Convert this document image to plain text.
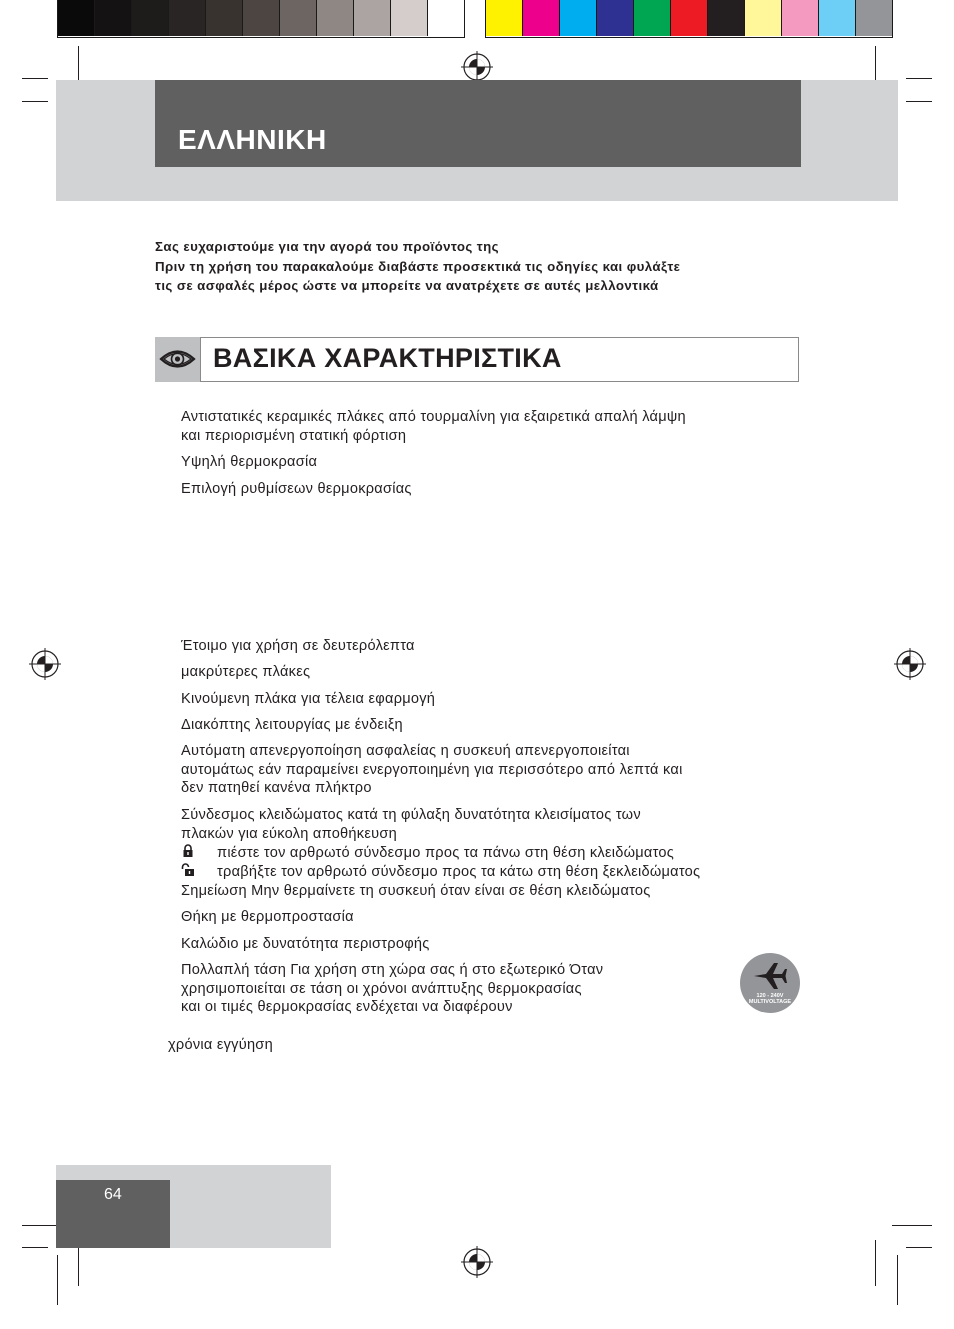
ΕΛΛΗΝΙΚΗ
Σας ευχαριστούμε για την αγορά του προϊόντος της
Πριν τη χρήση του παρακαλούμε διαβάστε προσεκτικά τις οδηγίες και φυλάξτε
τις σε ασφαλές μέρος ώστε να μπορείτε να ανατρέχετε σε αυτές μελλοντικά
ΒΑΣΙΚΑ ΧΑΡΑΚΤΗΡΙΣΤΙΚΑ
Αντιστατικές κεραμικές πλάκες από τουρμαλίνη για εξαιρετικά απαλή λάμψη
και περιορισμένη στατική φόρτιση
Υψηλή θερμοκρασία
Επιλογή ρυθμίσεων θερμοκρασίας
Έτοιμο για χρήση σε δευτερόλεπτα
μακρύτερες πλάκες
Κινούμενη πλάκα για τέλεια εφαρμογή
Διακόπτης λειτουργίας με ένδειξη
Αυτόματη απενεργοποίηση ασφαλείας η συσκευή απενεργοποιείται
αυτομάτως εάν παραμείνει ενεργοποιημένη για περισσότερο από λεπτά και
δεν πατηθεί κανένα πλήκτρο
Σύνδεσμος κλειδώματος κατά τη φύλαξη δυνατότητα κλεισίματος των
πλακών για εύκολη αποθήκευση
πιέστε τον αρθρωτό σύνδεσμο προς τα πάνω στη θέση κλειδώματος
τραβήξτε τον αρθρωτό σύνδεσμο προς τα κάτω στη θέση ξεκλειδώματος
Σημείωση Μην θερμαίνετε τη συσκευή όταν είναι σε θέση κλειδώματος
Θήκη με θερμοπροστασία
Καλώδιο με δυνατότητα περιστροφής
Πολλαπλή τάση Για χρήση στη χώρα σας ή στο εξωτερικό Όταν
χρησιμοποιείται σε τάση οι χρόνοι ανάπτυξης θερμοκρασίας
και οι τιμές θερμοκρασίας ενδέχεται να διαφέρουν
χρόνια εγγύηση
120 - 240V
MULTIVOLTAGE
64
